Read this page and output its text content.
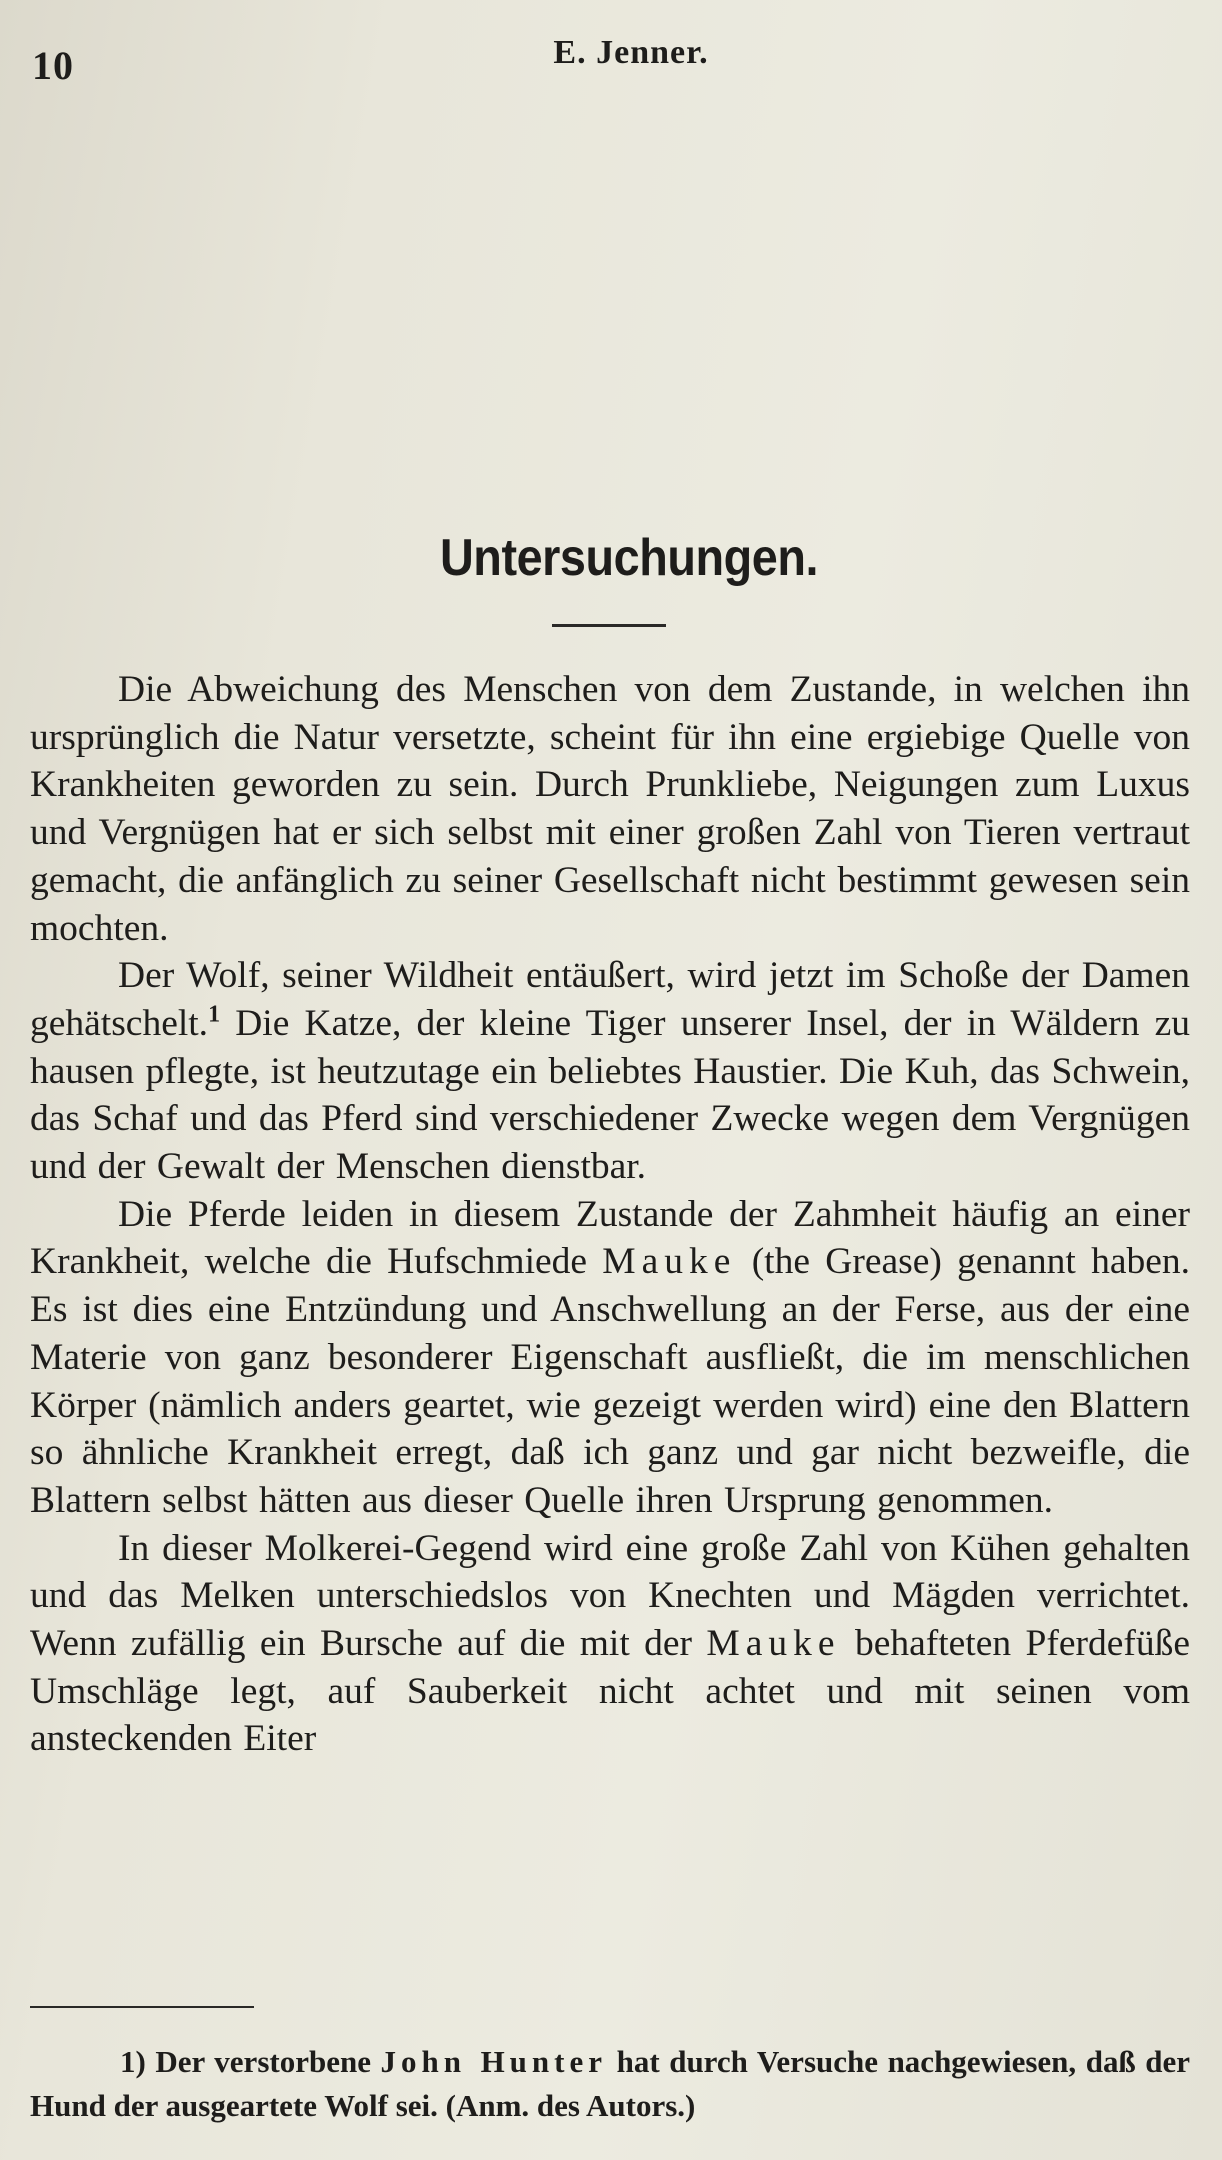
10	E. Jenner.
Untersuchungen.

Die Abweichung des Menschen von dem Zustande, in welchen ihn ursprünglich die Natur versetzte, scheint für ihn eine ergiebige Quelle von Krankheiten geworden zu sein. Durch Prunkliebe, Neigungen zum Luxus und Vergnügen hat er sich selbst mit einer großen Zahl von Tieren vertraut gemacht, die anfänglich zu seiner Gesellschaft nicht bestimmt gewesen sein mochten.

Der Wolf, seiner Wildheit entäußert, wird jetzt im Schoße der Damen gehätschelt.$^1$ Die Katze, der kleine Tiger unserer Insel, der in Wäldern zu hausen pflegte, ist heutzutage ein beliebtes Haustier. Die Kuh, das Schwein, das Schaf und das Pferd sind verschiedener Zwecke wegen dem Vergnügen und der Gewalt der Menschen dienstbar.

Die Pferde leiden in diesem Zustande der Zahmheit häufig an einer Krankheit, welche die Hufschmiede Mauke (the Grease) genannt haben. Es ist dies eine Entzündung und Anschwellung an der Ferse, aus der eine Materie von ganz besonderer Eigenschaft ausfließt, die im menschlichen Körper (nämlich anders geartet, wie gezeigt werden wird) eine den Blattern so ähnliche Krankheit erregt, daß ich ganz und gar nicht bezweifle, die Blattern selbst hätten aus dieser Quelle ihren Ursprung genommen.

In dieser Molkerei-Gegend wird eine große Zahl von Kühen gehalten und das Melken unterschiedslos von Knechten und Mägden verrichtet. Wenn zufällig ein Bursche auf die mit der Mauke behafteten Pferdefüße Umschläge legt, auf Sauberkeit nicht achtet und mit seinen vom ansteckenden Eiter

1) Der verstorbene John Hunter hat durch Versuche nachgewiesen, daß der Hund der ausgeartete Wolf sei. (Anm. des Autors.)
